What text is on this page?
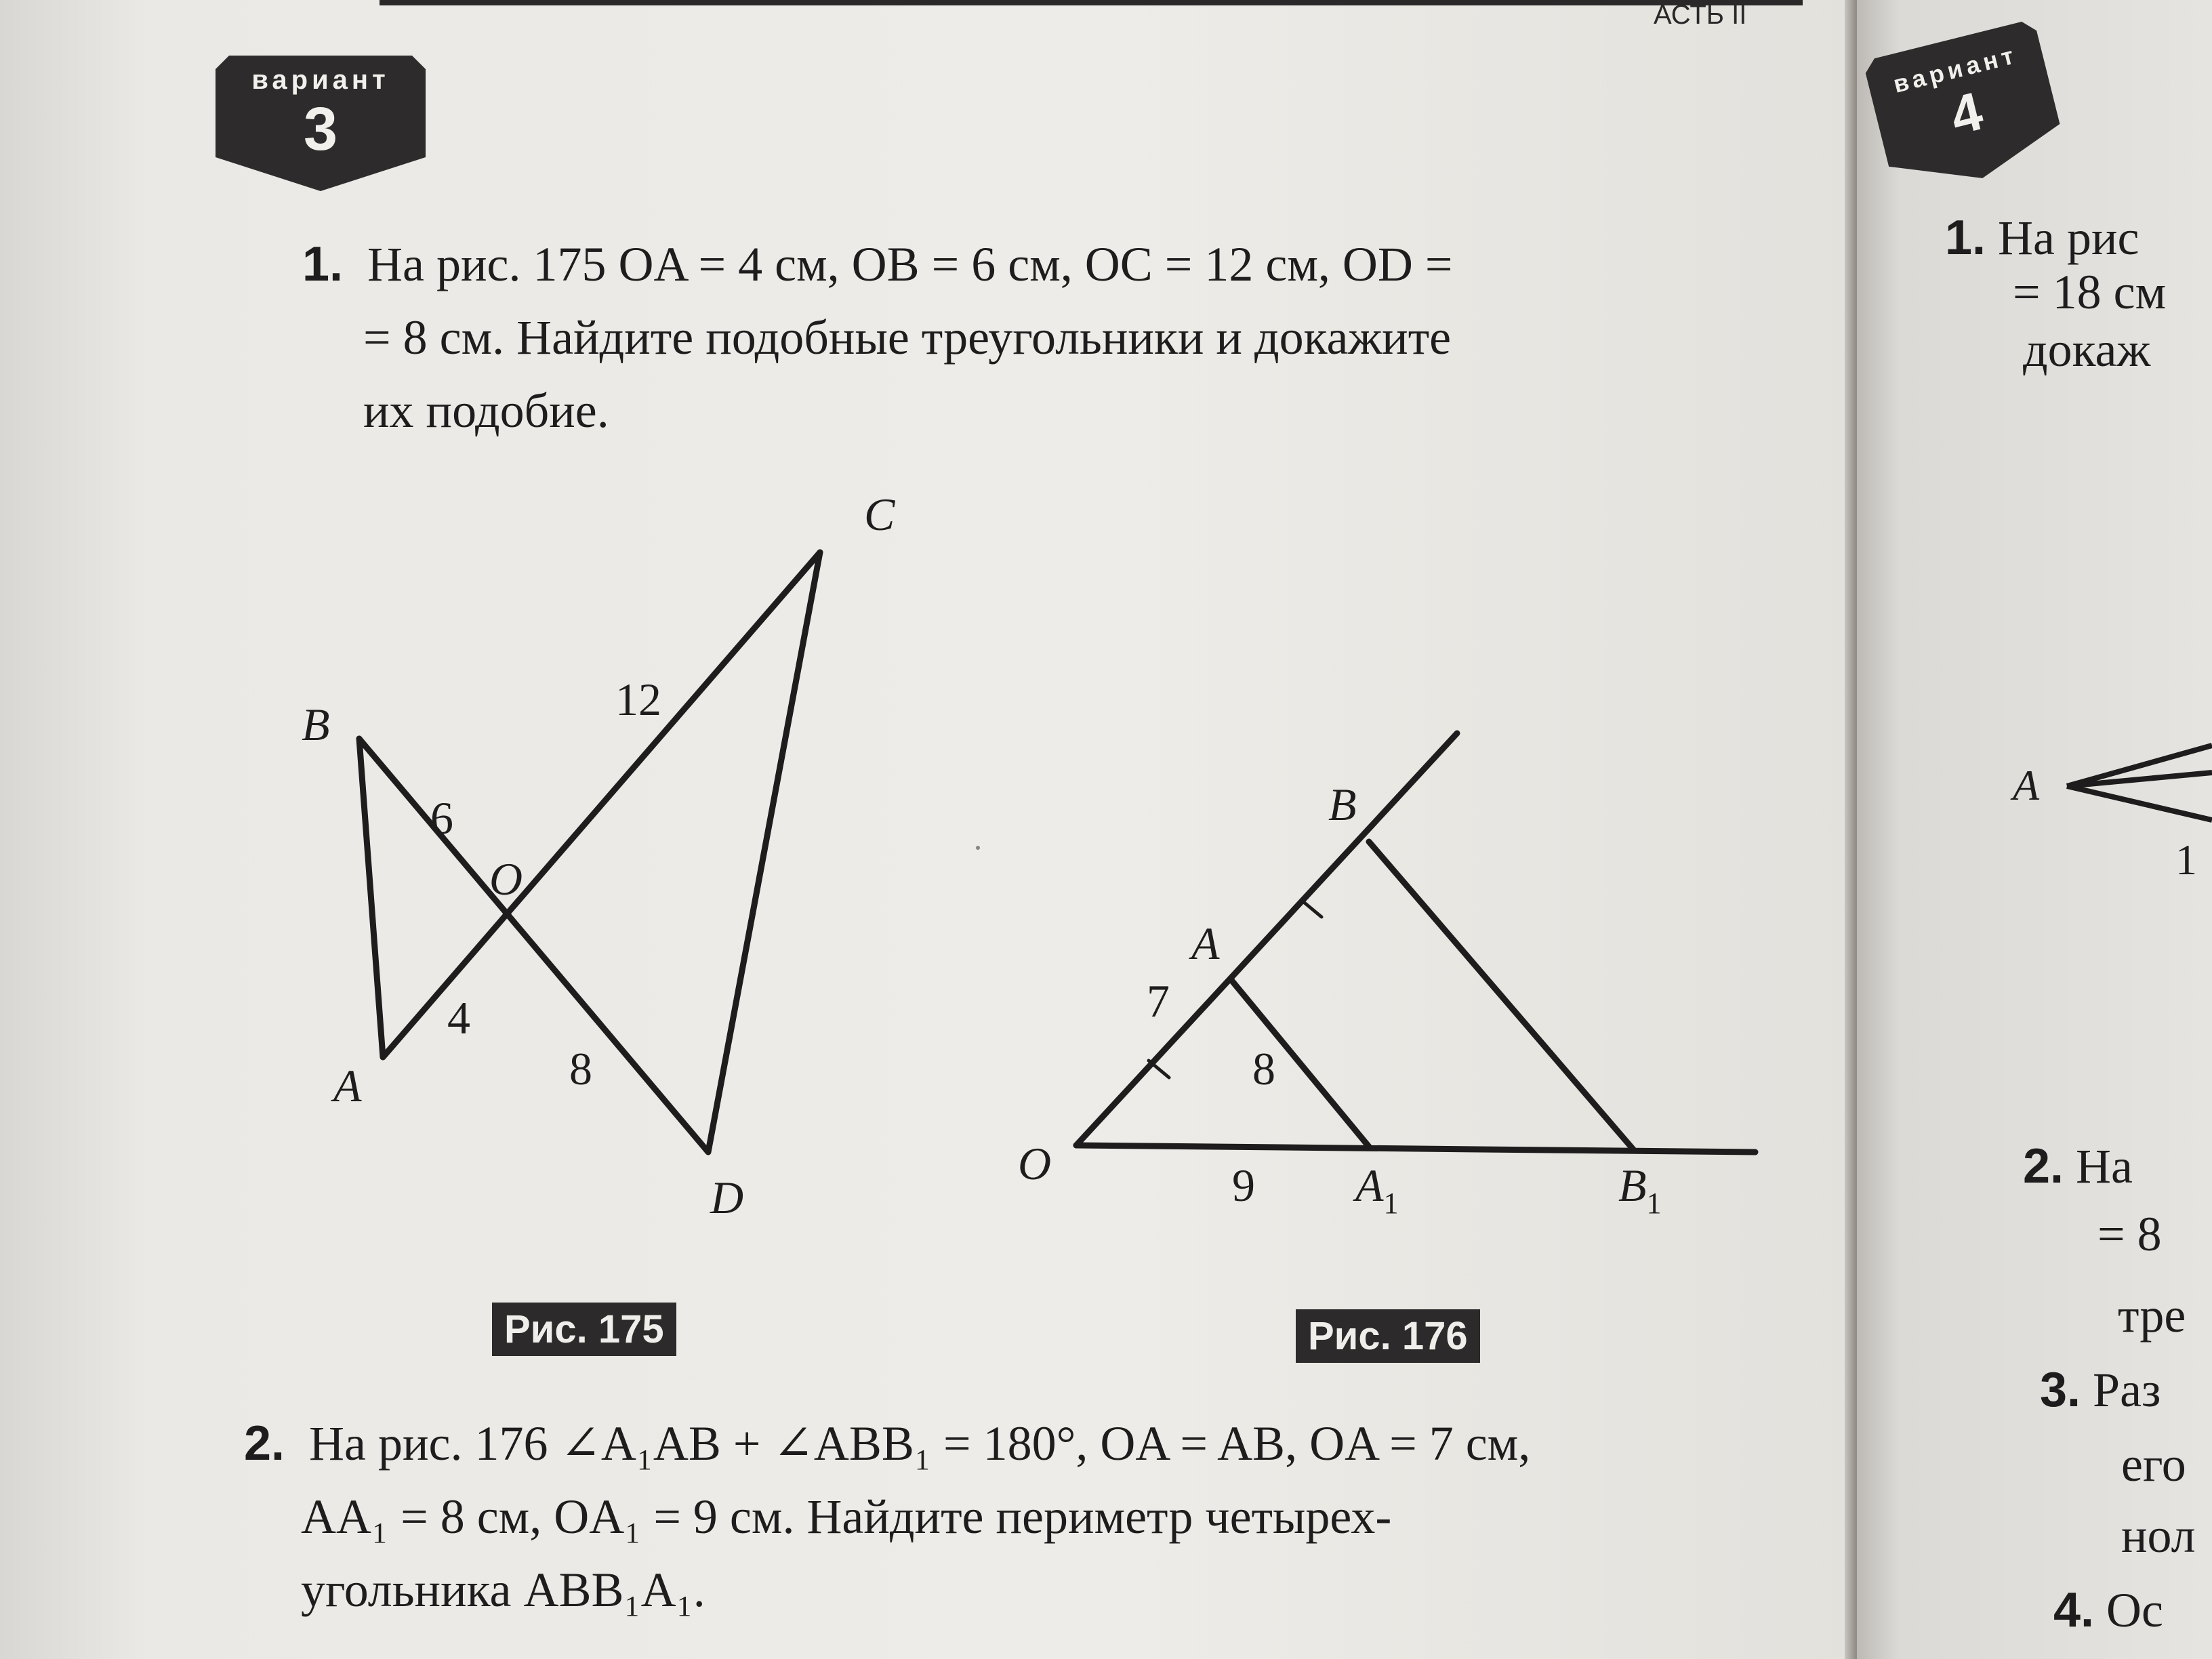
АСТЬ II
вариант
3
1. На рис. 175 OA = 4 см, OB = 6 см, OC = 12 см, OD =
= 8 см. Найдите подобные треугольники и докажите
их подобие.
B
C
O
A
D
12
6
4
8
Рис. 175
B
A
O	$A_1$	$B_1$
7
8
9
Рис. 176
2. На рис. 176 ∠A₁AB + ∠ABB₁ = 180°, OA = AB, OA = 7 см,
AA₁ = 8 см, OA₁ = 9 см. Найдите периметр четырех-
угольника ABB₁A₁.
вариант
4
1. На рис
= 18 см
докаж
A
1
2. На
= 8
тре
3. Раз
его
нол
4. Ос
